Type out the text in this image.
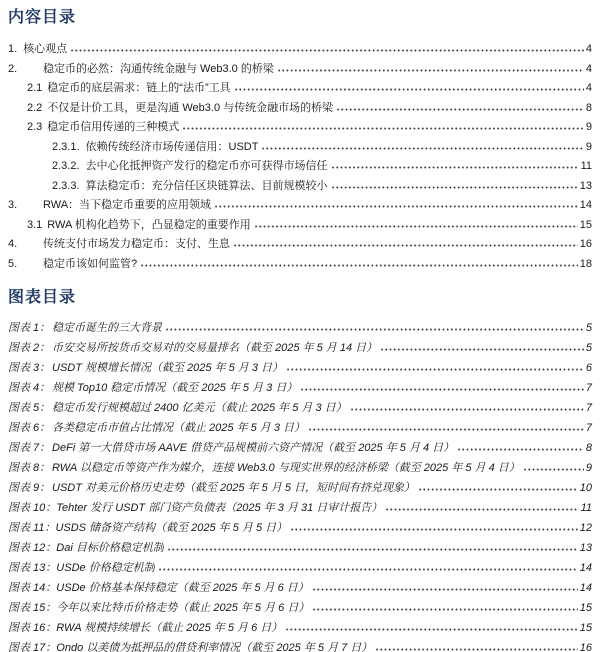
内容目录
1. 核心观点	4
2.	稳定币的必然：沟通传统金融与 Web3.0 的桥梁	4
2.1 稳定币的底层需求：链上的“法币”工具	4
2.2 不仅是计价工具，更是沟通 Web3.0 与传统金融市场的桥梁	8
2.3 稳定币信用传递的三种模式	9
2.3.1. 依赖传统经济市场传递信用：USDT	9
2.3.2. 去中心化抵押资产发行的稳定币亦可获得市场信任	11
2.3.3. 算法稳定币：充分信任区块链算法、目前规模较小	13
3.	RWA：当下稳定币重要的应用领域	14
3.1 RWA 机构化趋势下，凸显稳定的重要作用	15
4.	传统支付市场发力稳定币：支付、生息	16
5.	稳定币该如何监管?	18
图表目录
图表 1： 稳定币诞生的三大背景	5
图表 2： 币安交易所按货币交易对的交易量排名（截至 2025 年 5 月 14 日）	5
图表 3： USDT 规模增长情况（截至 2025 年 5 月 3 日）	6
图表 4： 规模 Top10 稳定币情况（截至 2025 年 5 月 3 日）	7
图表 5： 稳定币发行规模超过 2400 亿美元（截止 2025 年 5 月 3 日）	7
图表 6： 各类稳定币市值占比情况（截止 2025 年 5 月 3 日）	7
图表 7： DeFi 第一大借贷市场 AAVE 借贷产品规模前六资产情况（截至 2025 年 5 月 4 日）	8
图表 8： RWA 以稳定币等资产作为媒介，连接 Web3.0 与现实世界的经济桥梁（截至 2025 年 5 月 4 日）	9
图表 9： USDT 对美元价格历史走势（截至 2025 年 5 月 5 日，短时间有挤兑现象）	10
图表 10： Tehter 发行 USDT 部门资产负债表（2025 年 3 月 31 日审计报告）	11
图表 11： USDS 储备资产结构（截至 2025 年 5 月 5 日）	12
图表 12： Dai 目标价格稳定机制	13
图表 13： USDe 价格稳定机制	14
图表 14： USDe 价格基本保持稳定（截至 2025 年 5 月 6 日）	14
图表 15： 今年以来比特币价格走势（截止 2025 年 5 月 6 日）	15
图表 16： RWA 规模持续增长（截止 2025 年 5 月 6 日）	15
图表 17： Ondo 以美债为抵押品的借贷利率情况（截至 2025 年 5 月 7 日）	16
